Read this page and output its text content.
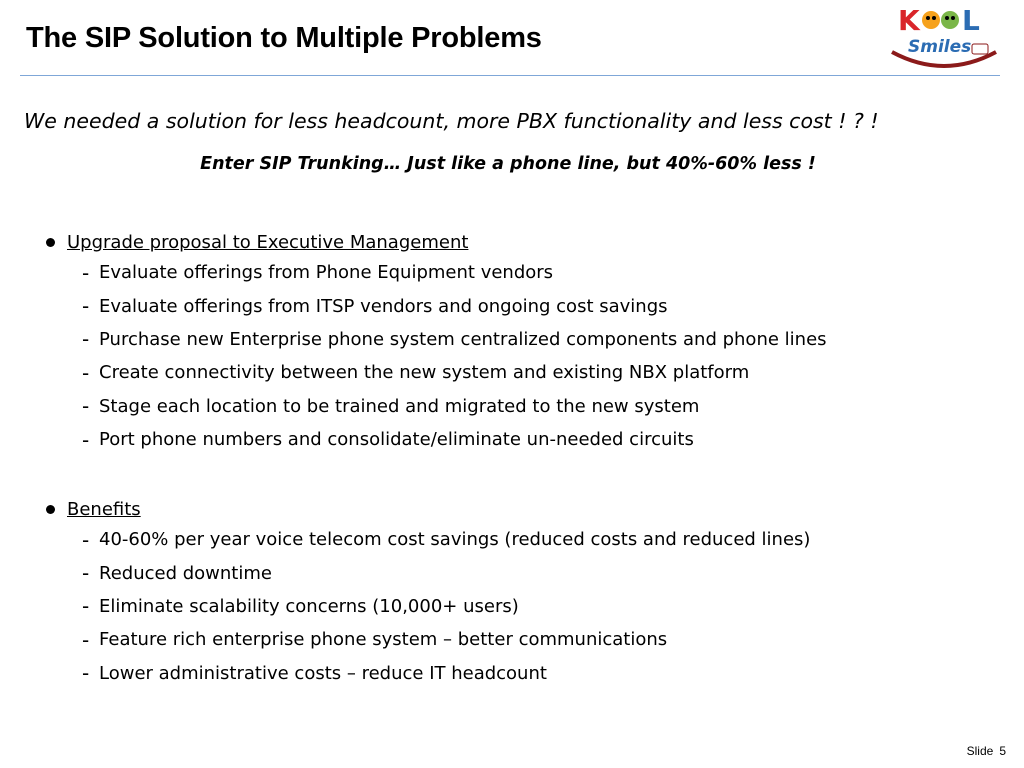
The SIP Solution to Multiple Problems
K L
Smiles

We needed a solution for less headcount, more PBX functionality and less cost ! ? !

Enter SIP Trunking… Just like a phone line, but 40%-60% less !

Upgrade proposal to Executive Management
- Evaluate offerings from Phone Equipment vendors
- Evaluate offerings from ITSP vendors and ongoing cost savings
- Purchase new Enterprise phone system centralized components and phone lines
- Create connectivity between the new system and existing NBX platform
- Stage each location to be trained and migrated to the new system
- Port phone numbers and consolidate/eliminate un-needed circuits
Benefits
- 40-60% per year voice telecom cost savings (reduced costs and reduced lines)
- Reduced downtime
- Eliminate scalability concerns (10,000+ users)
- Feature rich enterprise phone system – better communications
- Lower administrative costs – reduce IT headcount
Slide 5
